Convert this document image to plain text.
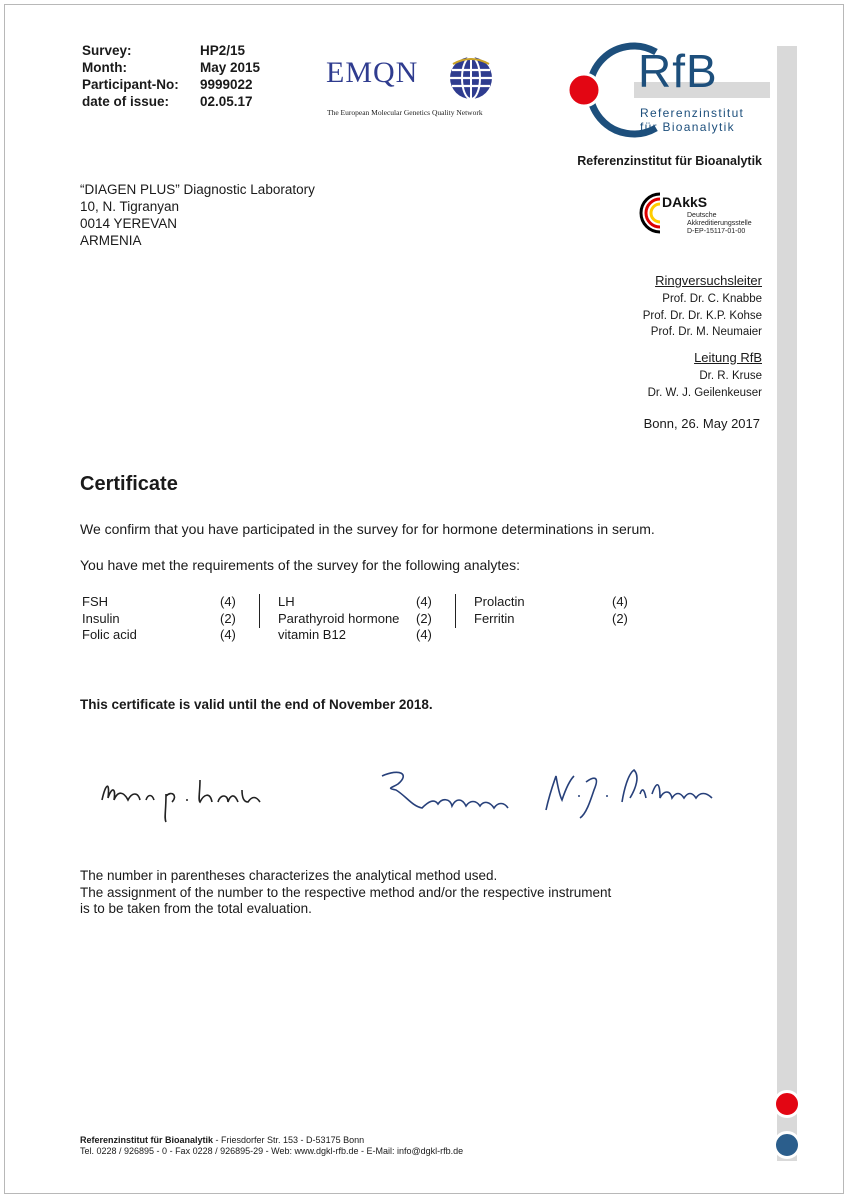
Survey:	HP2/15
Month:	May 2015
Participant-No:	9999022
date of issue:	02.05.17
EMQN
The European Molecular Genetics Quality Network
RfB
Referenzinstitut
für Bioanalytik
Referenzinstitut für Bioanalytik
“DIAGEN PLUS” Diagnostic Laboratory
10, N. Tigranyan
0014 YEREVAN
ARMENIA
DAkkS
Deutsche
Akkreditierungsstelle
D-EP-15117-01-00
Ringversuchsleiter
Prof. Dr. C. Knabbe
Prof. Dr. Dr. K.P. Kohse
Prof. Dr. M. Neumaier
Leitung RfB
Dr. R. Kruse
Dr. W. J. Geilenkeuser
Bonn, 26. May 2017
Certificate
We confirm that you have participated in the survey for for hormone determinations in serum.
You have met the requirements of the survey for the following analytes:
FSH	(4)
Insulin	(2)
Folic acid	(4)
LH	(4)
Parathyroid hormone (2)
vitamin B12	(4)
Prolactin	(4)
Ferritin	(2)
This certificate is valid until the end of November 2018.
The number in parentheses characterizes the analytical method used.
The assignment of the number to the respective method and/or the respective instrument
is to be taken from the total evaluation.
Referenzinstitut für Bioanalytik - Friesdorfer Str. 153 - D-53175 Bonn
Tel. 0228 / 926895 - 0 - Fax 0228 / 926895-29 - Web: www.dgkl-rfb.de - E-Mail: info@dgkl-rfb.de
